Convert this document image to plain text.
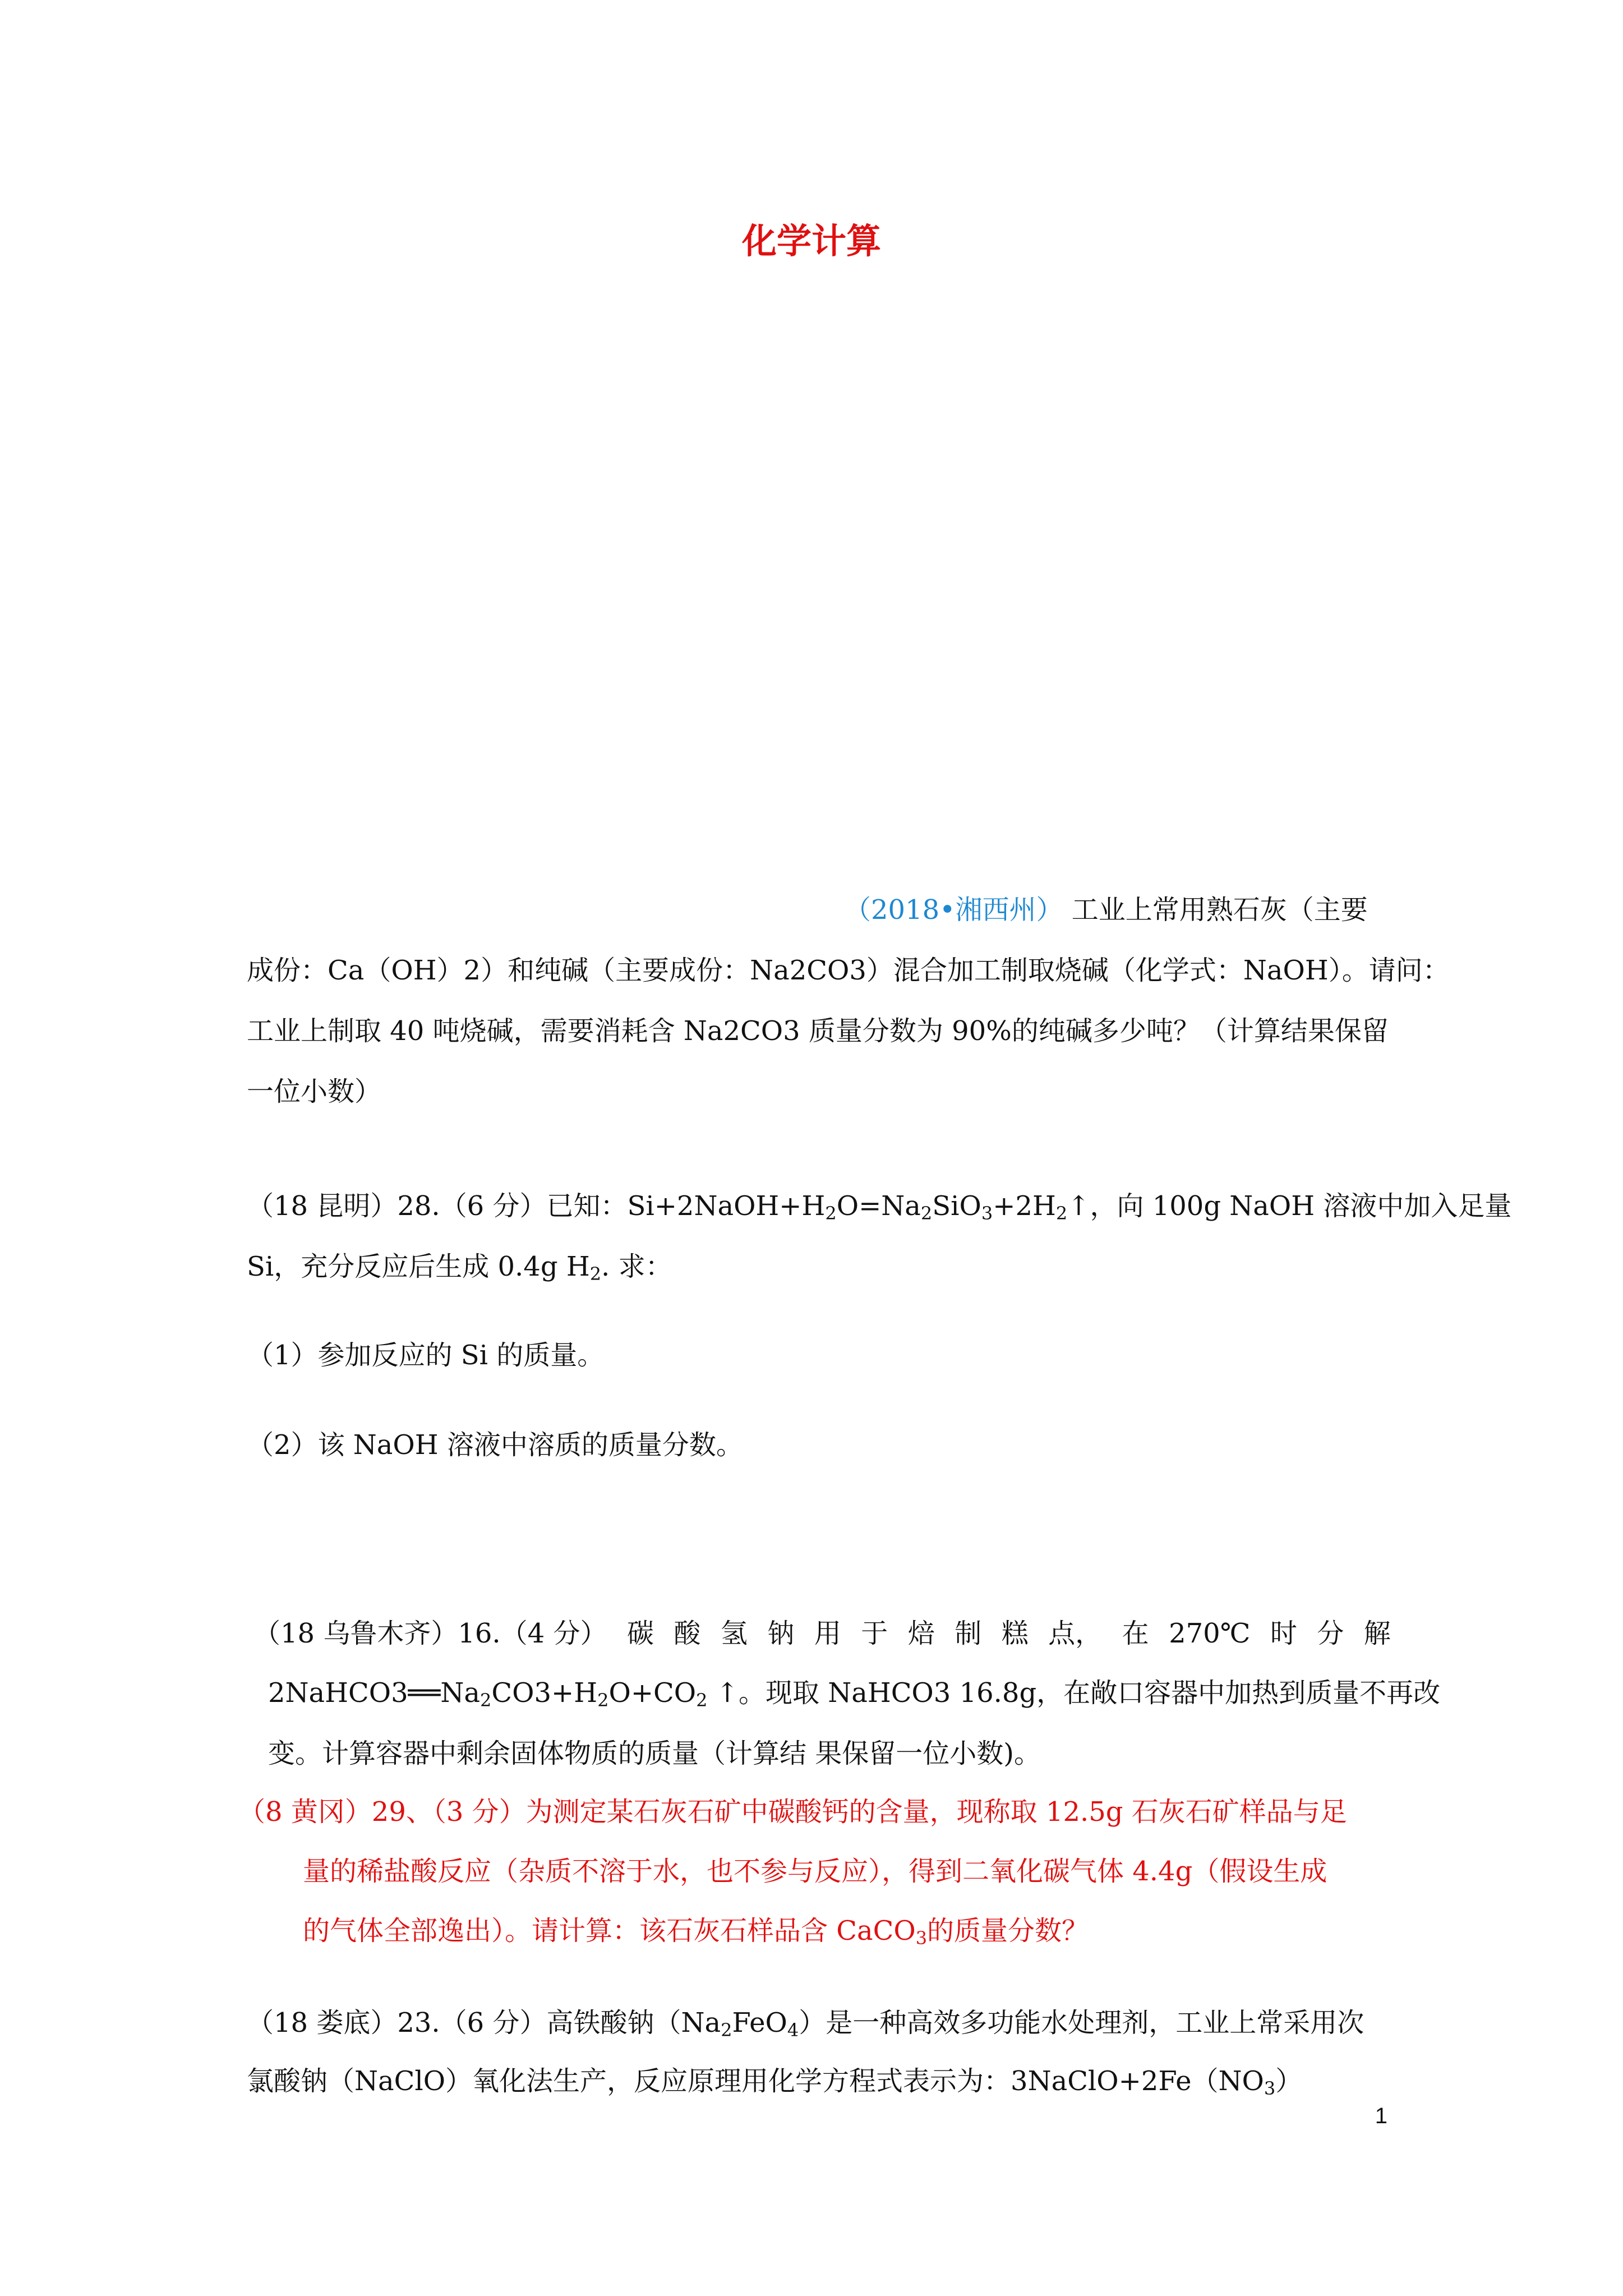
化学计算
（2018•湘西州） 工业上常用熟石灰（主要
成份：Ca（OH）2）和纯碱（主要成份：Na2CO3）混合加工制取烧碱（化学式：NaOH）。请问：
工业上制取 40 吨烧碱，需要消耗含 Na2CO3 质量分数为 90%的纯碱多少吨？（计算结果保留
一位小数）
（18 昆明）28.（6 分）已知：$Si+2NaOH+H_2O=Na_2SiO_3+2H_2↑$，向 100g NaOH 溶液中加入足量
Si，充分反应后生成 0.4g $H_2$. 求：
（1）参加反应的 Si 的质量。
（2）该 NaOH 溶液中溶质的质量分数。
（18 乌鲁木齐）16.（4 分） 碳 酸 氢 钠 用 于 焙 制 糕 点， 在 270℃ 时 分 解
$2NaHCO3══Na_2CO3+H_2O+CO_2$ ↑。现取 NaHCO3 16.8g，在敞口容器中加热到质量不再改
变。计算容器中剩余固体物质的质量（计算结 果保留一位小数)。
（8 黄冈）29、（3 分）为测定某石灰石矿中碳酸钙的含量，现称取 12.5g 石灰石矿样品与足
量的稀盐酸反应（杂质不溶于水，也不参与反应），得到二氧化碳气体 4.4g（假设生成
的气体全部逸出）。请计算：该石灰石样品含 CaCO$_3$的质量分数？
（18 娄底）23.（6 分）高铁酸钠$(Na_2FeO_4)$是一种高效多功能水处理剂，工业上常采用次
氯酸钠（NaClO）氧化法生产，反应原理用化学方程式表示为：$3NaClO+2Fe(NO_3)$
1
